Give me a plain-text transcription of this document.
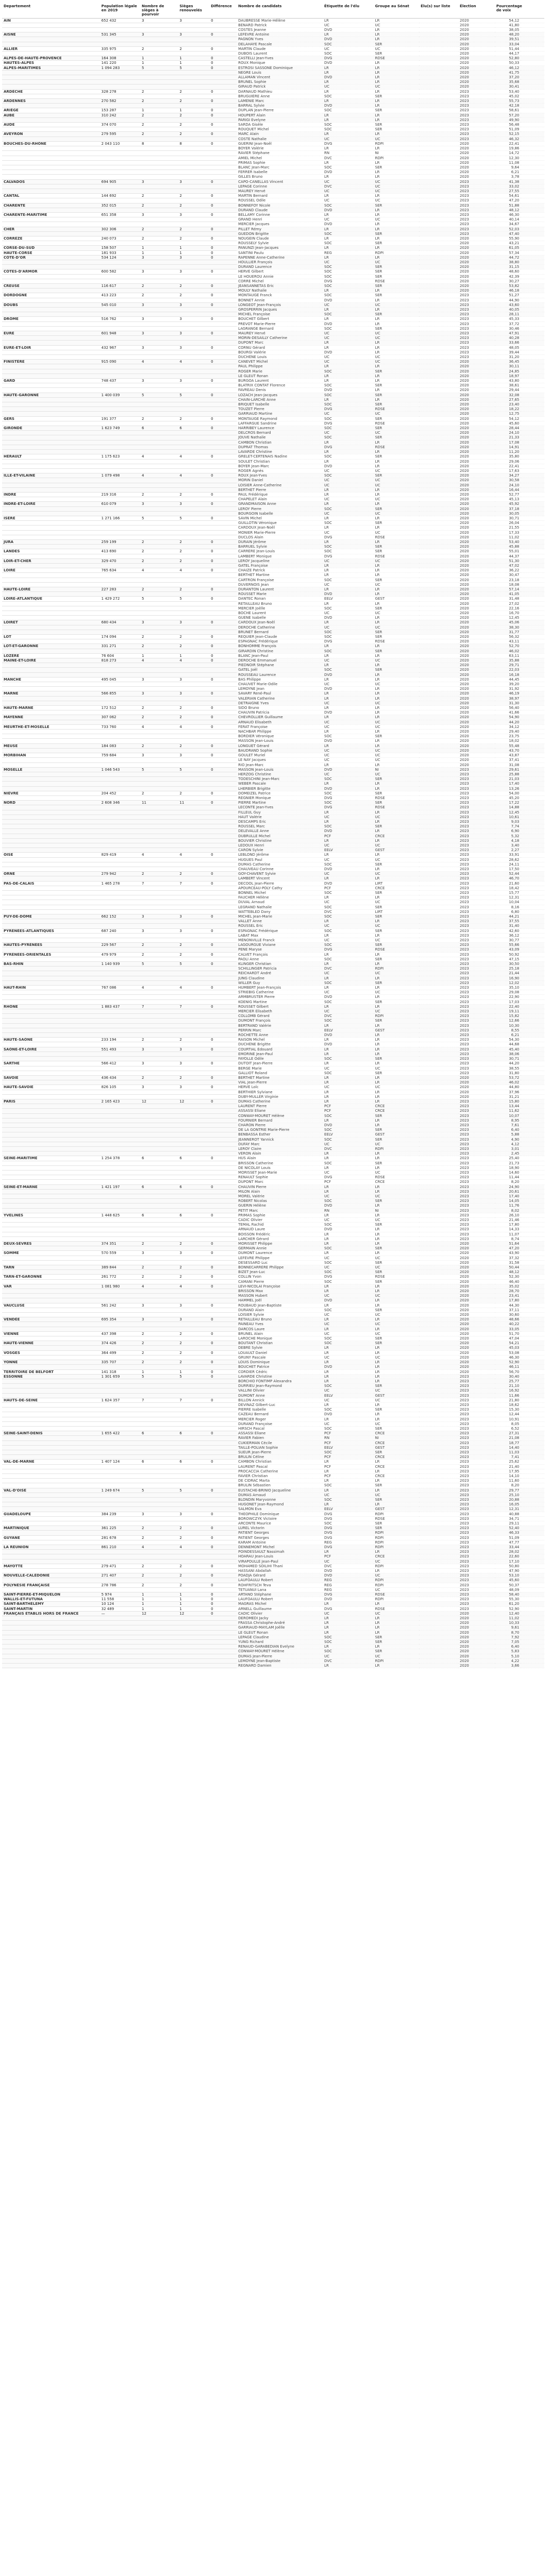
Departement	Population légale en 2019	Nombre de sièges à pourvoir	Sièges renouvelés	Différence	Nombre de candidats	Étiquette de l'élu	Groupe au Sénat	Élu(s) sur liste	Élection	Pourcentage de voix	
AIN	652 432	3	3	0	DAUBRESSE Marie-Hélène	LR	LR		2020	54,12	
					BÉNARD Patrick	UC	UC		2020	41,80	
					COSTES Jeanne	DVD	LR		2020	38,05	
AISNE	531 345	3	3	0	LEFÈVRE Antoine	LR	LR		2020	48,20	
					PAGNON Yves	DVD	LR		2020	39,51	
					DELAHAYE Pascale	SOC	SER		2020	33,04	
ALLIER	335 975	2	2	0	MARTIN Claude	UC	UC		2020	51,44	
					DUBOIS Laurent	SOC	SER		2020	44,17	
ALPES-DE-HAUTE-PROVENCE	164 308	1	1	0	CASTELLI Jean-Yves	DVG	RDSE		2020	52,80	
HAUTES-ALPES	141 220	1	1	0	ROUX Monique	DVD	LR		2020	50,33	
ALPES-MARITIMES	1 094 283	5	5	0	ESTROSI SASSONE Dominique	LR	LR		2020	46,12	
					NEGRE Louis	LR	LR		2020	41,75	
					ALLAMAN Vincent	DVD	LR		2020	37,20	
					BRUNEL Sophie	LR	LR		2020	35,68	
					GIRAUD Patrick	UC	UC		2020	30,41	
ARDÈCHE	328 278	2	2	0	DARNAUD Mathieu	LR	LR		2023	53,40	
					BRUGUIÈRE Anne	SOC	SER		2023	45,02	
ARDENNES	270 582	2	2	0	LAMÉNIE Marc	LR	LR		2023	55,73	
					BARRAL Sylvie	DVD	LR		2023	42,18	
ARIÈGE	153 287	1	1	0	DUPLAN Jean-Pierre	SOC	SER		2023	58,61	
AUBE	310 242	2	2	0	HOUPERT Alain	LR	LR		2023	57,20	
					PARIGI Evelyne	LR	LR		2023	49,90	
AUDE	374 070	2	2	0	SARDA Gisèle	SOC	SER		2023	56,48	
					ROUQUET Michel	SOC	SER		2023	51,09	
AVEYRON	279 595	2	2	0	MARC Alain	LR	LR		2023	52,15	
					COSTE Nathalie	UC	UC		2023	46,32	
BOUCHES-DU-RHÔNE	2 043 110	8	8	0	GUÉRINI Jean-Noël	DVG	RDPI		2020	22,41	
					BOYER Valérie	LR	LR		2020	19,86	
					RAVIER Stéphane	RN	NI		2020	14,72	
					AMIEL Michel	DVC	RDPI		2020	12,30	
					PRIMAS Sophie	LR	LR		2020	11,08	
					BLANC Jean-Marc	SOC	SER		2020	9,64	
					FERRER Isabelle	DVD	LR		2020	6,21	
					GILLES Bruno	LR	LR		2020	3,78	
CALVADOS	694 905	3	3	0	CAPO-CANELLAS Vincent	UC	UC		2023	41,38	
					LEPAGE Corinne	DVC	UC		2023	33,02	
					MAUREY Hervé	UC	UC		2023	27,55	
CANTAL	144 692	2	2	0	MARTIN Bernard	LR	LR		2023	54,61	
					ROUSSEL Odile	UC	UC		2023	47,20	
CHARENTE	352 015	2	2	0	BONNEFOY Nicole	SOC	SER		2023	51,88	
					DURAND Claude	DVD	LR		2023	48,12	
CHARENTE-MARITIME	651 358	3	3	0	BELLAMY Corinne	LR	LR		2023	46,30	
					GRAND Henri	UC	UC		2023	40,14	
					MERCIER Jacques	DVD	LR		2023	34,67	
CHER	302 306	2	2	0	PILLET Rémy	LR	LR		2023	52,03	
					GUÉDON Brigitte	SOC	SER		2023	47,40	
CORRÈZE	240 073	2	2	0	NOUGEIN Claude	LR	LR		2020	55,90	
					ROUSSELY Sylvie	SOC	SER		2020	43,21	
CORSE-DU-SUD	158 507	1	1	0	PANUNZI Jean-Jacques	LR	LR		2020	61,05	
HAUTE-CORSE	181 933	1	1	0	SANTINI Paulu	REG	RDPI		2020	57,34	
CÔTE-D'OR	534 124	3	3	0	RAPENNE Anne-Catherine	LR	LR		2020	44,72	
					HOULLIER François	UC	UC		2020	38,80	
					DURAND Laurence	SOC	SER		2020	31,15	
CÔTES-D'ARMOR	600 582	3	3	0	HERVÉ Gilbert	SOC	SER		2020	48,60	
					LE HOUEROU Annie	SOC	SER		2020	42,39	
					CORRE Michel	DVG	RDSE		2020	30,27	
CREUSE	116 617	2	2	0	JEANSANNETAS Éric	SOC	SER		2020	53,82	
					MOULY Nathalie	LR	LR		2020	46,18	
DORDOGNE	413 223	2	2	0	MONTAUGÉ Franck	SOC	SER		2023	51,27	
					BONNET Annie	DVD	LR		2023	44,90	
DOUBS	545 010	3	3	0	LONGEOT Jean-François	UC	UC		2023	43,60	
					GROSPERRIN Jacques	LR	LR		2023	40,05	
					MICHEL Françoise	SOC	SER		2023	28,11	
DRÔME	516 762	3	3	0	BOUCHET Gilbert	LR	LR		2023	45,33	
					PRÉVOT Marie-Pierre	DVD	LR		2023	37,72	
					LAGRANGE Bernard	SOC	SER		2023	30,46	
EURE	601 948	3	3	0	MAUREY Hervé	UC	UC		2023	47,91	
					MORIN-DESAILLY Catherine	UC	UC		2023	40,28	
					DUPONT Marc	LR	LR		2023	33,66	
EURE-ET-LOIR	432 967	3	3	0	CORNU Gérard	LR	LR		2023	48,05	
					BOURGI Valérie	DVD	LR		2023	39,44	
					DUCHÊNE Louis	UC	UC		2023	31,20	
FINISTÈRE	915 090	4	4	0	CANEVET Michel	UC	UC		2020	36,45	
					PAUL Philippe	LR	LR		2020	30,11	
					ROGER Marie	SOC	SER		2020	24,85	
					LE GLEUT Ronan	LR	LR		2020	18,97	
GARD	748 437	3	3	0	BURGOA Laurent	LR	LR		2020	43,80	
					BLATRIX CONTAT Florence	SOC	SER		2020	38,61	
					FAVREAU Denis	DVD	LR		2020	29,44	
HAUTE-GARONNE	1 400 039	5	5	0	LOZACH Jean-Jacques	SOC	SER		2020	32,08	
					CHAIN-LARCHÉ Anne	LR	LR		2020	27,65	
					BRIQUET Isabelle	SOC	SER		2020	23,40	
					TOUZET Pierre	DVG	RDSE		2020	18,22	
					GARRIAUD Martine	UC	UC		2020	12,75	
GERS	191 377	2	2	0	MONTAUGÉ Raymond	SOC	SER		2020	54,12	
					LAFFARGUE Sandrine	DVG	RDSE		2020	45,60	
GIRONDE	1 623 749	6	6	0	HARRIBEY Laurence	SOC	SER		2020	28,44	
					DELCROS Bernard	UC	UC		2020	24,10	
					JOUVE Nathalie	SOC	SER		2020	21,33	
					CAMBON Christian	LR	LR		2020	17,08	
					DUPRAT Thomas	DVG	RDSE		2020	14,91	
					LAVARDE Christine	LR	LR		2020	11,20	
HÉRAULT	1 175 623	4	4	0	GRELET-CERTENAIS Nadine	SOC	SER		2020	35,80	
					SOULET Christian	LR	LR		2020	29,06	
					BOYER Jean-Marc	DVD	LR		2020	22,41	
					ROGER Agnès	UC	UC		2020	17,63	
ILLE-ET-VILAINE	1 079 498	4	4	0	ROUX Jean-Yves	SOC	SER		2020	34,27	
					MORIN Daniel	UC	UC		2020	30,58	
					LOISIER Anne-Catherine	UC	UC		2020	24,10	
					BERTHET Pierre	LR	LR		2020	16,44	
INDRE	219 316	2	2	0	PAUL Frédérique	LR	LR		2020	52,77	
					CHAPELET Alain	UC	UC		2020	45,13	
INDRE-ET-LOIRE	610 079	3	3	0	GRANDMAISON Anne	LR	LR		2020	45,92	
					LEROY Pierre	SOC	SER		2020	37,18	
					BOURGOIN Isabelle	UC	UC		2020	30,05	
ISÈRE	1 271 166	5	5	0	SAVIN Michel	LR	LR		2020	30,71	
					GUILLOTIN Véronique	SOC	SER		2020	26,04	
					CARDOUX Jean-Noël	LR	LR		2020	21,55	
					MONIER Marie-Pierre	UC	UC		2020	17,33	
					DUCLOS Alain	DVG	RDSE		2020	11,02	
JURA	259 199	2	2	0	DURAIN Jérôme	LR	LR		2020	53,40	
					BARRUEL Sylvie	SOC	SER		2020	45,88	
LANDES	413 690	2	2	0	CARRÈRE Jean-Louis	SOC	SER		2020	55,01	
					LAMBERT Monique	DVG	RDSE		2020	44,37	
LOIR-ET-CHER	329 470	2	2	0	LEROY Jacqueline	UC	UC		2020	51,30	
					GATEL Françoise	LR	LR		2020	47,02	
LOIRE	765 634	4	4	0	CHAIZE Patrick	LR	LR		2020	36,22	
					BERTHET Martine	LR	LR		2020	30,47	
					CARTRON Françoise	SOC	SER		2020	23,18	
					DUVERNOIS Jean	UC	UC		2020	18,08	
HAUTE-LOIRE	227 283	2	2	0	DURANTON Laurent	LR	LR		2020	57,14	
					ROUSSET Marie	DVD	LR		2020	41,05	
LOIRE-ATLANTIQUE	1 429 272	5	5	0	DANTEC Ronan	EELV	GEST		2020	31,48	
					RETAILLEAU Bruno	LR	LR		2020	27,02	
					MERCIER Joëlle	SOC	SER		2020	22,16	
					BOCHE Laurent	UC	UC		2020	16,70	
					GUÉNÉ Isabelle	DVD	LR		2020	12,45	
LOIRET	680 434	3	3	0	CARDOUX Jean-Noël	LR	LR		2020	45,06	
					DEROCHE Catherine	UC	UC		2020	38,30	
					BRUNET Bernard	SOC	SER		2020	31,77	
LOT	174 094	2	2	0	REQUIER Jean-Claude	SOC	SER		2020	56,32	
					ESPAGNAC Frédérique	DVG	RDSE		2020	43,11	
LOT-ET-GARONNE	331 271	2	2	0	BONHOMME François	LR	LR		2020	52,70	
					GIRARDIN Christine	SOC	SER		2020	46,02	
LOZÈRE	76 604	1	1	0	BLANC Jean-Paul	LR	LR		2020	63,11	
MAINE-ET-LOIRE	818 273	4	4	0	DEROCHE Emmanuel	UC	UC		2020	35,88	
					PIEDNOIR Stéphane	LR	LR		2020	29,71	
					GATEL Joël	SOC	SER		2020	22,03	
					ROUSSEAU Laurence	DVD	LR		2020	16,18	
MANCHE	495 045	3	3	0	BAS Philippe	LR	LR		2020	44,45	
					CHAUVET Marie-Odile	UC	UC		2020	39,20	
					LEMOYNE Jean	DVD	LR		2020	31,92	
MARNE	566 855	3	3	0	SAVARY René-Paul	LR	LR		2020	46,19	
					VALÉRIAN Catherine	LR	LR		2020	38,97	
					DETRAIGNE Yves	UC	UC		2020	31,30	
HAUTE-MARNE	172 512	2	2	0	SIDO Bruno	LR	LR		2020	56,40	
					CHAUVIN Patricia	DVD	LR		2020	41,66	
MAYENNE	307 062	2	2	0	CHEVROLLIER Guillaume	LR	LR		2020	54,90	
					ARNAUD Élisabeth	UC	UC		2020	44,20	
MEURTHE-ET-MOSELLE	733 760	4	4	0	FÉRAT Françoise	UC	UC		2020	34,12	
					NACHBAR Philippe	LR	LR		2020	29,40	
					BORDIER Véronique	SOC	SER		2020	23,75	
					MASSON Jean-Louis	DVD	LR		2020	18,02	
MEUSE	184 083	2	2	0	LONGUET Gérard	LR	LR		2020	55,48	
					BAUDRAND Sophie	UC	UC		2020	43,70	
MORBIHAN	759 684	3	3	0	GOULET Muriel	UC	UC		2020	43,87	
					LE NAY Jacques	UC	UC		2020	37,41	
					RIO Jean-Marc	LR	LR		2020	31,08	
MOSELLE	1 046 543	5	5	0	MASSON Jean-Louis	DVD	NI		2023	29,61	
					HERZOG Christine	UC	UC		2023	25,88	
					TODESCHINI Jean-Marc	SOC	SER		2023	21,03	
					WEBER Pascale	LR	LR		2023	17,40	
					LHERBIER Brigitte	DVD	LR		2023	13,26	
NIÈVRE	204 452	2	2	0	DOMEIZEL Patrice	SOC	SER		2023	54,00	
					RÉGNIER Monique	DVG	RDSE		2023	45,20	
NORD	2 608 346	11	11	0	PIERRE Martine	SOC	SER		2023	17,22	
					LECONTE Jean-Yves	DVG	RDSE		2023	14,88	
					FILLEUL Guy	LR	LR		2023	12,45	
					HAUT Valérie	UC	UC		2023	10,61	
					DESCAMPS Éric	LR	LR		2023	9,03	
					ROUSSEL Marc	SOC	SER		2023	7,74	
					DELEVALLE Anne	DVD	LR		2023	6,90	
					DUBRULLE Michel	PCF	CRCE		2023	5,32	
					BOUVIER Christine	LR	LR		2023	4,18	
					LEDOUX Henri	UC	UC		2023	3,40	
					CARON Sylvie	EELV	GEST		2023	2,27	
OISE	829 419	4	4	0	LEBLOND Jérôme	LR	LR		2023	33,91	
					HUGUES Paul	UC	UC		2023	28,62	
					DUMAS Catherine	SOC	SER		2023	24,11	
					CHAUVEAU Corinne	DVD	LR		2023	17,50	
ORNE	279 942	2	2	0	GOY-CHAVENT Sylvie	UC	UC		2023	52,44	
					LAMBERT Vincent	LR	LR		2023	46,70	
PAS-DE-CALAIS	1 465 278	7	7	0	DECOOL Jean-Pierre	DVD	LIRT		2023	21,60	
					APOURCEAU-POLY Cathy	PCF	CRCE		2023	18,42	
					BONNEL Michel	SOC	SER		2023	15,77	
					FAUCHER Hélène	LR	LR		2023	12,31	
					DUVAL Arnaud	UC	UC		2023	10,04	
					LEGRAND Nathalie	SOC	SER		2023	8,16	
					WATTEBLED Dany	DVC	LIRT		2023	6,80	
PUY-DE-DÔME	662 152	3	3	0	MICHEL Jean-Marie	SOC	SER		2023	44,21	
					VALLET Anne	LR	LR		2023	37,55	
					ROUSSEL Éric	UC	UC		2023	31,40	
PYRÉNÉES-ATLANTIQUES	687 240	3	3	0	ESPAGNAC Frédérique	SOC	SER		2023	42,60	
					LABAT Max	LR	LR		2023	36,12	
					MÉNONVILLE Franck	UC	UC		2023	30,77	
HAUTES-PYRÉNÉES	229 567	2	2	0	LAGOURGUE Viviane	SOC	SER		2023	55,66	
					PENE Maryse	DVG	RDSE		2023	43,09	
PYRÉNÉES-ORIENTALES	479 979	2	2	0	CALVET François	LR	LR		2023	50,92	
					PAOLI Anne	SOC	SER		2023	47,15	
BAS-RHIN	1 140 939	5	5	0	KLINGER Christian	LR	LR		2023	30,50	
					SCHILLINGER Patricia	DVC	RDPI		2023	25,18	
					REICHARDT André	UC	UC		2023	21,44	
					JUNG Claudine	LR	LR		2023	16,90	
					WILLER Guy	SOC	SER		2023	12,02	
HAUT-RHIN	767 086	4	4	0	HUMBERT Jean-François	LR	LR		2023	35,10	
					STRIEBIG Catherine	UC	UC		2023	29,08	
					ARMBRUSTER Pierre	DVD	LR		2023	22,90	
					KOENIG Martine	SOC	SER		2023	17,03	
RHÔNE	1 883 437	7	7	0	ROUSSET Gilbert	LR	LR		2023	22,40	
					MERCIER Élisabeth	UC	UC		2023	19,11	
					COLLOMB Gérard	DVC	RDPI		2023	15,82	
					DUMONT François	SOC	SER		2023	12,66	
					BERTRAND Valérie	LR	LR		2023	10,30	
					PERRIN Marc	EELV	GEST		2023	8,55	
					ROCHETTE Anne	DVD	LR		2023	6,21	
HAUTE-SAÔNE	233 194	2	2	0	RAISON Michel	LR	LR		2023	54,30	
					DUCHÊNE Brigitte	DVD	LR		2023	44,68	
SAÔNE-ET-LOIRE	551 493	3	3	0	COURTIAL Édouard	LR	LR		2023	45,40	
					EMORINE Jean-Paul	LR	LR		2023	38,06	
					FAYOLLE Odile	SOC	SER		2023	30,71	
SARTHE	566 412	3	3	0	DUTOIT Jean-Pierre	LR	LR		2023	44,20	
					BERGÉ Marie	UC	UC		2023	38,55	
					GALLIOT Roland	SOC	SER		2023	31,80	
SAVOIE	436 434	2	2	0	BERTHET Martine	LR	LR		2020	53,72	
					VIAL Jean-Pierre	LR	LR		2020	46,02	
HAUTE-SAVOIE	826 105	3	3	0	HERVÉ Loïc	UC	UC		2020	44,80	
					BERTHIER Sylviane	LR	LR		2020	37,96	
					DUBY-MULLER Virginie	LR	LR		2020	31,21	
PARIS	2 165 423	12	12	0	DUMAS Catherine	LR	LR		2023	15,80	
					LAURENT Pierre	PCF	CRCE		2023	13,44	
					ASSASSI Éliane	PCF	CRCE		2023	11,62	
					CONWAY-MOURET Hélène	SOC	SER		2023	10,07	
					FOURNIER Bernard	LR	LR		2023	8,95	
					CHARON Pierre	DVD	LR		2023	7,61	
					DE LA GONTRIE Marie-Pierre	SOC	SER		2023	6,40	
					BENBASSA Esther	EELV	GEST		2023	5,88	
					JEANNEROT Yannick	SOC	SER		2023	4,90	
					DUFAY Marc	UC	UC		2023	4,12	
					LEROY Claire	DVC	RDPI		2023	3,01	
					VÉRON Alain	LR	LR		2023	2,45	
SEINE-MARITIME	1 254 378	6	6	0	HUS Alain	LR	LR		2023	25,40	
					BRISSON Catherine	SOC	SER		2023	21,73	
					DE NICOLAY Louis	LR	LR		2023	18,90	
					MORISSET Jean-Marie	UC	UC		2023	14,60	
					RENAULT Sophie	DVG	RDSE		2023	11,44	
					DUPONT Marc	PCF	CRCE		2023	8,20	
SEINE-ET-MARNE	1 421 197	6	6	0	CHAUVIN Pierre	LR	LR		2023	24,90	
					MILON Alain	LR	LR		2023	20,61	
					MOREL Valérie	UC	UC		2023	17,40	
					ROBERT Nicolas	SOC	SER		2023	14,05	
					GUÉRIN Hélène	DVD	LR		2023	11,76	
					PETIT Marc	RN	NI		2023	8,02	
YVELINES	1 448 625	6	6	0	PRIMAS Sophie	LR	LR		2023	26,10	
					CADIC Olivier	UC	UC		2023	21,46	
					TEMAL Rachid	SOC	SER		2023	17,80	
					ARNAUD Laure	DVD	LR		2023	14,33	
					BOISSON Frédéric	LR	LR		2023	11,07	
					LARCHER Gérard	LR	LR		2023	8,74	
DEUX-SÈVRES	374 351	2	2	0	MORISSET Philippe	LR	LR		2020	51,64	
					GERMAIN Annie	SOC	SER		2020	47,20	
SOMME	570 559	3	3	0	DUMONT Laurence	LR	LR		2020	43,90	
					LEFÈVRE Philippe	UC	UC		2020	37,32	
					DESESSARD Luc	SOC	SER		2020	31,58	
TARN	389 844	2	2	0	BONNECARRÈRE Philippe	UC	UC		2020	50,44	
					BIZET Jean-Luc	SOC	SER		2020	48,12	
TARN-ET-GARONNE	261 772	2	2	0	COLLIN Yvon	DVG	RDSE		2020	52,30	
					CAMANI Pierre	SOC	SER		2020	46,40	
VAR	1 081 980	4	4	0	LEVI-NICOLAÏ Françoise	LR	LR		2020	35,02	
					BRISSON Max	LR	LR		2020	28,70	
					MASSON Hubert	UC	UC		2020	23,41	
					HAMMEL Joël	DVD	LR		2020	17,80	
VAUCLUSE	561 242	3	3	0	ROUBAUD Jean-Baptiste	LR	LR		2020	44,30	
					DURAND Alain	SOC	SER		2020	37,11	
					LOISIER Sylvie	UC	UC		2020	30,60	
VENDÉE	695 354	3	3	0	RETAILLEAU Bruno	LR	LR		2020	48,66	
					PAINEAU Yves	UC	UC		2020	40,22	
					DARCOS Laure	LR	LR		2020	33,05	
VIENNE	437 398	2	2	0	BRUNEL Alain	UC	UC		2020	51,70	
					LAROCHE Monique	SOC	SER		2020	47,04	
HAUTE-VIENNE	374 426	2	2	0	BOUTANT Christian	SOC	SER		2020	54,21	
					DEBRÉ Sylvie	LR	LR		2020	45,03	
VOSGES	364 499	2	2	0	LOUAULT Daniel	LR	LR		2020	53,08	
					GRUNY Pascale	UC	UC		2020	46,30	
YONNE	335 707	2	2	0	LOUIS Dominique	LR	LR		2020	52,90	
					BOUCHET Patrice	DVD	LR		2020	46,11	
TERRITOIRE DE BELFORT	141 318	1	1	0	CORDIER Cédric	LR	LR		2020	56,70	
ESSONNE	1 301 659	5	5	0	LAVARDE Christine	LR	LR		2023	30,40	
					BORCHIO FONTIMP Alexandra	LR	LR		2023	25,77	
					DURRIEU Jean-Raymond	SOC	SER		2023	21,10	
					VALLINI Olivier	UC	UC		2023	16,92	
					DUMONT Anne	EELV	GEST		2023	11,66	
HAUTS-DE-SEINE	1 624 357	7	7	0	BILLON Annick	UC	UC		2023	21,80	
					DEVINAZ Gilbert-Luc	LR	LR		2023	18,62	
					PIERRE Isabelle	SOC	SER		2023	15,30	
					CAZEAU Bernard	DVD	LR		2023	12,44	
					MERCIER Roger	LR	LR		2023	10,91	
					DURAND Françoise	UC	UC		2023	8,05	
					HIRSCH Pascal	SOC	SER		2023	6,52	
SEINE-SAINT-DENIS	1 655 422	6	6	0	ASSASSI Éliane	PCF	CRCE		2023	27,31	
					RAVIER Fabien	RN	NI		2023	21,08	
					CUKIERMAN Cécile	PCF	CRCE		2023	18,77	
					TAILLÉ-POLIAN Sophie	EELV	GEST		2023	14,40	
					SUEUR Jean-Pierre	SOC	SER		2023	11,03	
					BRULIN Céline	PCF	CRCE		2023	7,41	
VAL-DE-MARNE	1 407 124	6	6	0	CAMBON Christian	LR	LR		2023	25,62	
					LAURENT Pascal	PCF	CRCE		2023	21,40	
					PROCACCIA Catherine	LR	LR		2023	17,95	
					FAVIER Christian	PCF	CRCE		2023	14,10	
					DE CIDRAC Marta	LR	LR		2023	11,60	
					BRULIN Sébastien	SOC	SER		2023	8,20	
VAL-D'OISE	1 249 674	5	5	0	EUSTACHE-BRINIO Jacqueline	LR	LR		2023	29,77	
					DUMAS Arnaud	UC	UC		2023	25,10	
					BLONDIN Maryvonne	SOC	SER		2023	20,88	
					HUGONET Jean-Raymond	LR	LR		2023	16,05	
					SALMON Eva	EELV	GEST		2023	12,31	
GUADELOUPE	384 239	3	3	0	THÉOPHILE Dominique	DVG	RDPI		2023	40,88	
					BOROWCZYK Victoire	DVG	RDSE		2023	34,71	
					ARCONTE Maurice	SOC	SER		2023	29,11	
MARTINIQUE	361 225	2	2	0	LUREL Victorin	DVG	SER		2023	52,40	
					PATIENT Georges	DVG	RDPI		2023	46,33	
GUYANE	281 678	2	2	0	PATIENT Georges	DVG	RDPI		2023	51,09	
					KARAM Antoine	REG	RDPI		2023	47,77	
LA RÉUNION	861 210	4	4	0	DENNEMONT Michel	DVG	RDPI		2023	33,44	
					POINDESSAULT Nassimah	LR	LR		2023	28,02	
					HOARAU Jean-Louis	PCF	CRCE		2023	22,60	
					VIRAPOULLÉ Jean-Paul	UC	UC		2023	17,10	
MAYOTTE	279 471	2	2	0	MOHAMED SOILIHI Thani	DVC	RDPI		2023	50,80	
					HASSANI Abdallah	DVD	LR		2023	47,90	
NOUVELLE-CALÉDONIE	271 407	2	2	0	POADJA Gérard	DVD	UC		2023	53,10	
					LAUFOAULU Robert	REG	RDPI		2023	45,60	
POLYNÉSIE FRANÇAISE	278 786	2	2	0	ROHFRITSCH Teva	REG	RDPI		2023	50,37	
					TETUANUI Lana	REG	UC		2023	48,09	
SAINT-PIERRE-ET-MIQUELON	5 974	1	1	0	ARTANO Stéphane	DVG	RDSE		2023	58,40	
WALLIS-ET-FUTUNA	11 558	1	1	0	LAUFOAULU Robert	DVD	RDPI		2023	55,30	
SAINT-BARTHÉLEMY	10 124	1	1	0	MAGRAS Michel	LR	LR		2023	61,20	
SAINT-MARTIN	32 489	1	1	0	ARNELL Guillaume	DVG	RDSE		2023	52,90	
FRANÇAIS ÉTABLIS HORS DE FRANCE	—	12	12	0	CADIC Olivier	UC	UC		2020	12,40	
					DEROMEDI Jacky	LR	LR		2020	11,02	
					FRASSA Christophe-André	LR	LR		2020	10,33	
					GARRIAUD-MAYLAM Joëlle	LR	LR		2020	9,61	
					LE GLEUT Ronan	LR	LR		2020	8,70	
					LEPAGE Claudine	SOC	SER		2020	7,92	
					YUNG Richard	SOC	SER		2020	7,05	
					RENAUD-GARABEDIAN Evelyne	LR	LR		2020	6,40	
					CONWAY-MOURET Hélène	SOC	SER		2020	5,83	
					DUMAS Jean-Pierre	UC	UC		2020	5,10	
					LEMOYNE Jean-Baptiste	DVC	RDPI		2020	4,22	
					REGNARD Damien	LR	LR		2020	3,66	
